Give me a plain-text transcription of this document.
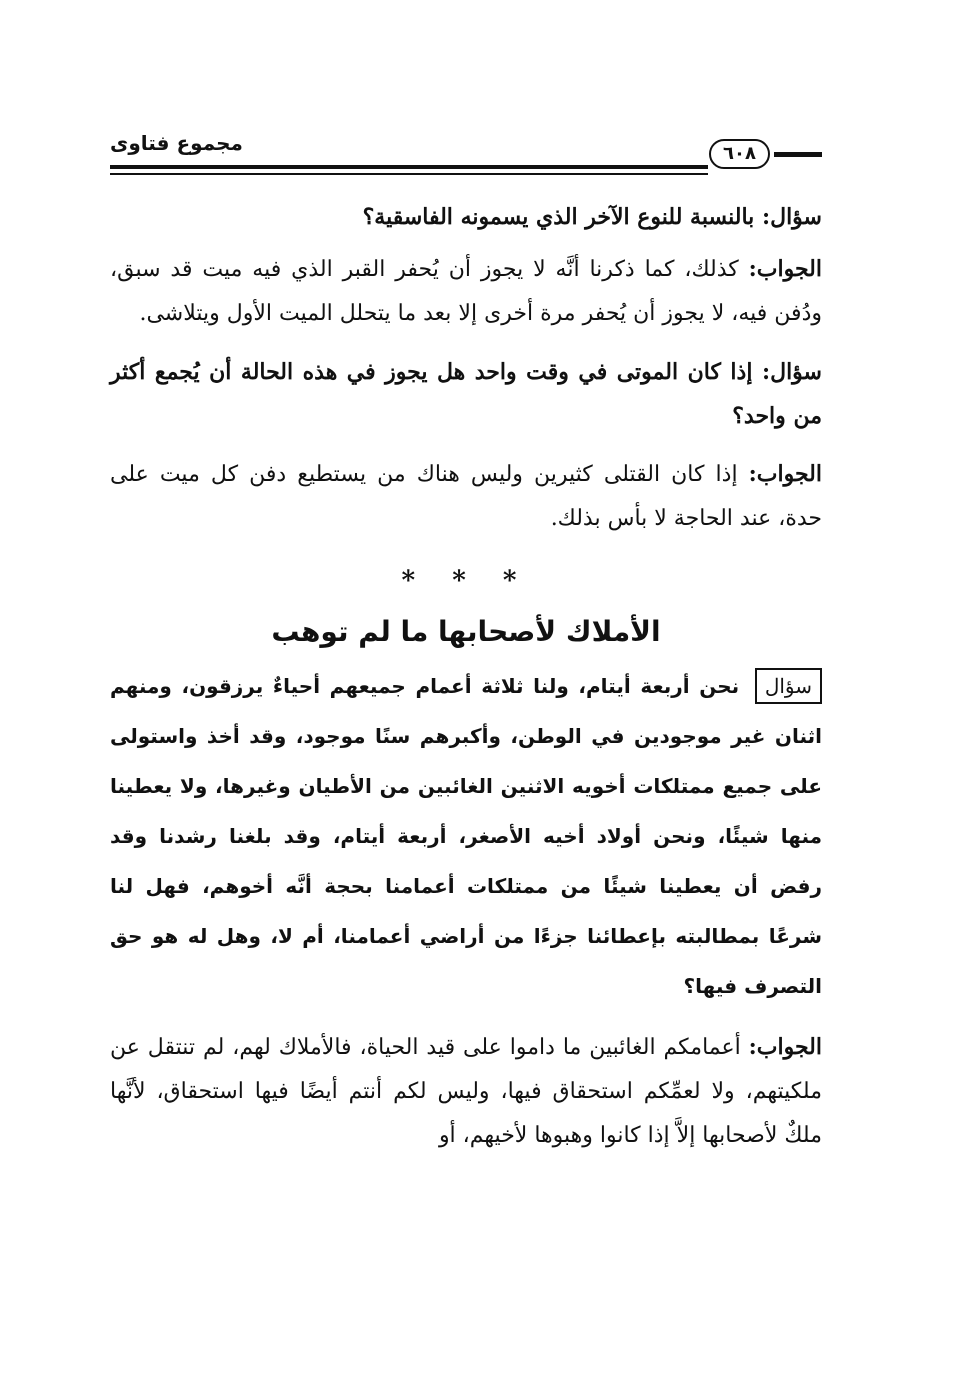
مجموع فتاوى	٦٠٨

سؤال: بالنسبة للنوع الآخر الذي يسمونه الفاسقية؟

الجواب: كذلك، كما ذكرنا أنَّه لا يجوز أن يُحفر القبر الذي فيه ميت قد سبق، ودُفن فيه، لا يجوز أن يُحفر مرة أخرى إلا بعد ما يتحلل الميت الأول ويتلاشى.

سؤال: إذا كان الموتى في وقت واحد هل يجوز في هذه الحالة أن يُجمع أكثر من واحد؟

الجواب: إذا كان القتلى كثيرين وليس هناك من يستطيع دفن كل ميت على حدة، عند الحاجة لا بأس بذلك.

* * *
الأملاك لأصحابها ما لم توهب

سؤال نحن أربعة أيتام، ولنا ثلاثة أعمام جميعهم أحياءٌ يرزقون، ومنهم اثنان غير موجودين في الوطن، وأكبرهم سنًا موجود، وقد أخذ واستولى على جميع ممتلكات أخويه الاثنين الغائبين من الأطيان وغيرها، ولا يعطينا منها شيئًا، ونحن أولاد أخيه الأصغر، أربعة أيتام، وقد بلغنا رشدنا وقد رفض أن يعطينا شيئًا من ممتلكات أعمامنا بحجة أنَّه أخوهم، فهل لنا شرعًا بمطالبته بإعطائنا جزءًا من أراضي أعمامنا، أم لا، وهل له هو حق التصرف فيها؟

الجواب: أعمامكم الغائبين ما داموا على قيد الحياة، فالأملاك لهم، لم تنتقل عن ملكيتهم، ولا لعمِّكم استحقاق فيها، وليس لكم أنتم أيضًا فيها استحقاق، لأنَّها ملكٌ لأصحابها إلاَّ إذا كانوا وهبوها لأخيهم، أو
